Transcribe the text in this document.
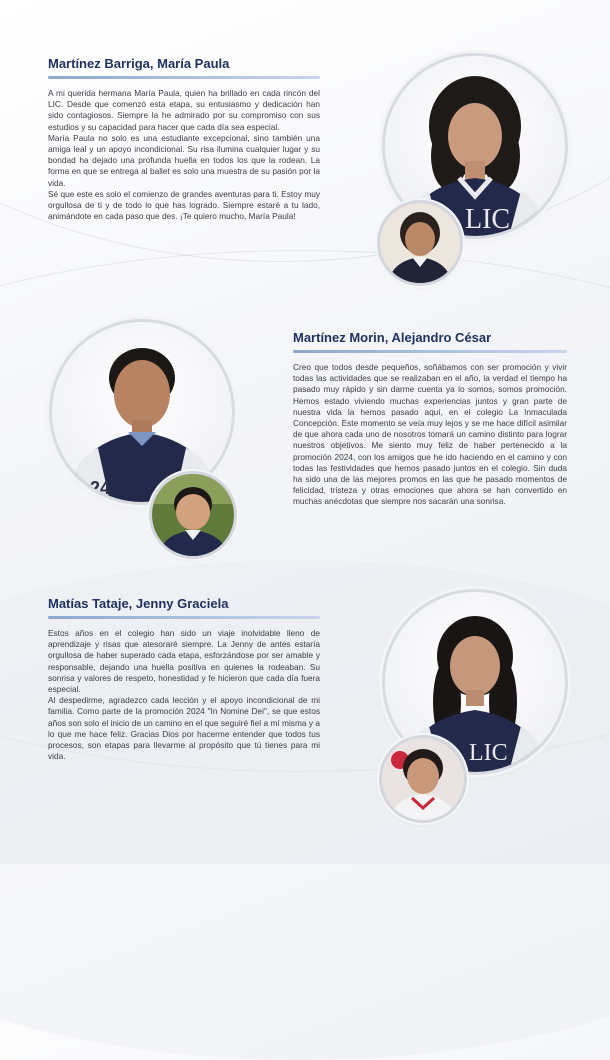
Martínez Barriga, María Paula

A mi querida hermana María Paula, quien ha brillado en cada rincón del LIC. Desde que comenzó esta etapa, su entusiasmo y dedicación han sido contagiosos. Siempre la he admirado por su compromiso con sus estudios y su capacidad para hacer que cada día sea especial.

María Paula no solo es una estudiante excepcional, sino también una amiga leal y un apoyo incondicional. Su risa ilumina cualquier lugar y su bondad ha dejado una profunda huella en todos los que la rodean. La forma en que se entrega al ballet es solo una muestra de su pasión por la vida.

Sé que este es solo el comienzo de grandes aventuras para ti. Estoy muy orgullosa de ti y de todo lo que has logrado. Siempre estaré a tu lado, animándote en cada paso que des. ¡Te quiero mucho, María Paula!	LIC
24
Martínez Morin, Alejandro César

Creo que todos desde pequeños, soñábamos con ser promoción y vivir todas las actividades que se realizaban en el año, la verdad el tiempo ha pasado muy rápido y sin darme cuenta ya lo somos, somos promoción. Hemos estado viviendo muchas experiencias juntos y gran parte de nuestra vida la hemos pasado aquí, en el colegio La Inmaculada Concepción. Este momento se veía muy lejos y se me hace difícil asimilar de que ahora cada uno de nosotros tomará un camino distinto para lograr nuestros objetivos. Me siento muy feliz de haber pertenecido a la promoción 2024, con los amigos que he ido haciendo en el camino y con todas las festividades que hemos pasado juntos en el colegio. Sin duda ha sido una de las mejores promos en las que he pasado momentos de felicidad, tristeza y otras emociones que ahora se han convertido en muchas anécdotas que siempre nos sacarán una sonrisa.

Matías Tataje, Jenny Graciela

Estos años en el colegio han sido un viaje inolvidable lleno de aprendizaje y risas que atesoraré siempre. La Jenny de antes estaría orgullosa de haber superado cada etapa, esforzándose por ser amable y responsable, dejando una huella positiva en quienes la rodeaban. Su sonrisa y valores de respeto, honestidad y fe hicieron que cada día fuera especial.

Al despedirme, agradezco cada lección y el apoyo incondicional de mi familia. Como parte de la promoción 2024 "In Nomine Dei", se que estos años son solo el inicio de un camino en el que seguiré fiel a mí misma y a lo que me hace feliz. Gracias Dios por hacerme entender que todos tus procesos, son etapas para llevarme al propósito que tú tienes para mi vida.	LIC
